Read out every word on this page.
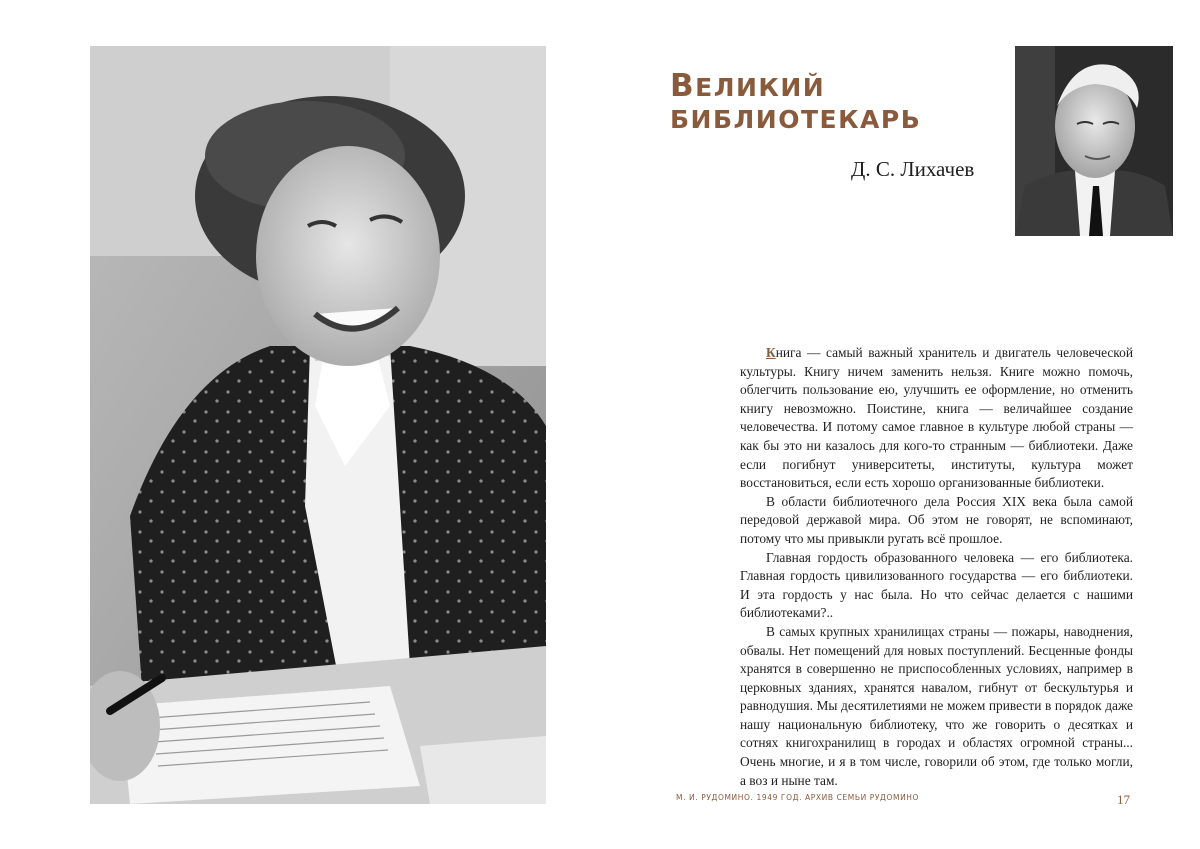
ВЕЛИКИЙ
БИБЛИОТЕКАРЬ
Д. С. Лихачев

Книга — самый важный хранитель и двигатель человеческой культуры. Книгу ничем заменить нельзя. Книге можно помочь, облегчить пользование ею, улучшить ее оформление, но отменить книгу невозможно. Поистине, книга — величайшее создание человечества. И потому самое главное в культуре любой страны — как бы это ни казалось для кого-то странным — библиотеки. Даже если погибнут университеты, институты, культура может восстановиться, если есть хорошо организованные библиотеки.

В области библиотечного дела Россия XIX века была самой передовой державой мира. Об этом не говорят, не вспоминают, потому что мы привыкли ругать всё прошлое.

Главная гордость образованного человека — его библиотека. Главная гордость цивилизованного государства — его библиотеки. И эта гордость у нас была. Но что сейчас делается с нашими библиотеками?..

В самых крупных хранилищах страны — пожары, наводнения, обвалы. Нет помещений для новых поступлений. Бесценные фонды хранятся в совершенно не приспособленных условиях, например в церковных зданиях, хранятся навалом, гибнут от бескультурья и равнодушия. Мы десятилетиями не можем привести в порядок даже нашу национальную библиотеку, что же говорить о десятках и сотнях книгохранилищ в городах и областях огромной страны... Очень многие, и я в том числе, говорили об этом, где только могли, а воз и ныне там.

М. И. РУДОМИНО. 1949 ГОД. АРХИВ СЕМЬИ РУДОМИНО	17
